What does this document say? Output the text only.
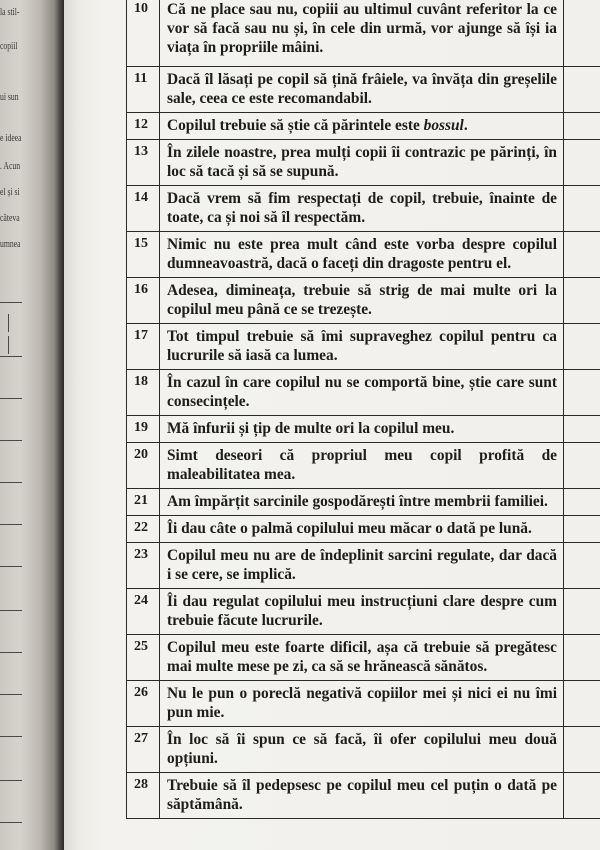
la stil-
copiil
ui sun
e ideea
. Acun
el și si
câteva
umnea
10	Că ne place sau nu, copiii au ultimul cuvânt referitor la ce vor să facă sau nu și, în cele din urmă, vor ajunge să își ia viața în propriile mâini.	
11	Dacă îl lăsați pe copil să țină frâiele, va învăța din greșelile sale, ceea ce este recomandabil.	
12	Copilul trebuie să știe că părintele este bossul.	
13	În zilele noastre, prea mulți copii îi contrazic pe părinți, în loc să tacă și să se supună.	
14	Dacă vrem să fim respectați de copil, trebuie, înainte de toate, ca și noi să îl respectăm.	
15	Nimic nu este prea mult când este vorba despre copilul dumneavoastră, dacă o faceți din dragoste pentru el.	
16	Adesea, dimineața, trebuie să strig de mai multe ori la copilul meu până ce se trezește.	
17	Tot timpul trebuie să îmi supraveghez copilul pentru ca lucrurile să iasă ca lumea.	
18	În cazul în care copilul nu se comportă bine, știe care sunt consecințele.	
19	Mă înfurii și țip de multe ori la copilul meu.	
20	Simt deseori că propriul meu copil profită de maleabilitatea mea.	
21	Am împărțit sarcinile gospodărești între membrii familiei.	
22	Îi dau câte o palmă copilului meu măcar o dată pe lună.	
23	Copilul meu nu are de îndeplinit sarcini regulate, dar dacă i se cere, se implică.	
24	Îi dau regulat copilului meu instrucțiuni clare despre cum trebuie făcute lucrurile.	
25	Copilul meu este foarte dificil, așa că trebuie să pregătesc mai multe mese pe zi, ca să se hrănească sănătos.	
26	Nu le pun o poreclă negativă copiilor mei și nici ei nu îmi pun mie.	
27	În loc să îi spun ce să facă, îi ofer copilului meu două opțiuni.	
28	Trebuie să îl pedepsesc pe copilul meu cel puțin o dată pe săptămână.	
